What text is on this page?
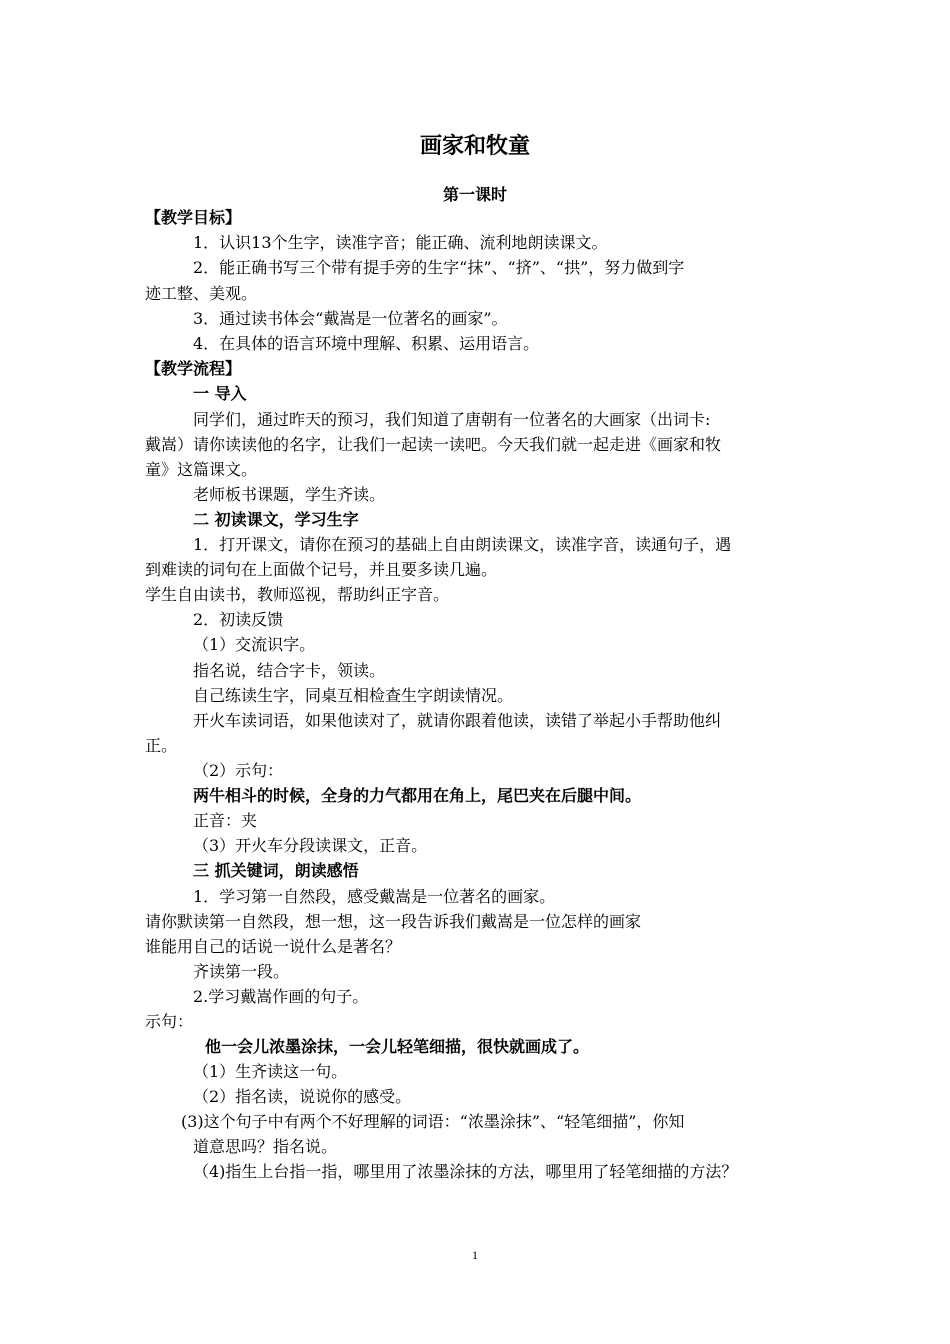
画家和牧童
第一课时
【教学目标】
1．认识13个生字，读准字音；能正确、流利地朗读课文。
2．能正确书写三个带有提手旁的生字“抹”、“挤”、“拱”，努力做到字
迹工整、美观。
3．通过读书体会“戴嵩是一位著名的画家”。
4．在具体的语言环境中理解、积累、运用语言。
【教学流程】
一 导入
同学们，通过昨天的预习，我们知道了唐朝有一位著名的大画家（出词卡:
戴嵩）请你读读他的名字，让我们一起读一读吧。今天我们就一起走进《画家和牧
童》这篇课文。
老师板书课题，学生齐读。
二 初读课文，学习生字
1．打开课文，请你在预习的基础上自由朗读课文，读准字音，读通句子，遇
到难读的词句在上面做个记号，并且要多读几遍。
学生自由读书，教师巡视，帮助纠正字音。
2．初读反馈
（1）交流识字。
指名说，结合字卡，领读。
自己练读生字，同桌互相检查生字朗读情况。
开火车读词语，如果他读对了，就请你跟着他读，读错了举起小手帮助他纠
正。
（2）示句：
两牛相斗的时候，全身的力气都用在角上，尾巴夹在后腿中间。
正音：夹
（3）开火车分段读课文，正音。
三 抓关键词，朗读感悟
1．学习第一自然段，感受戴嵩是一位著名的画家。
请你默读第一自然段，想一想，这一段告诉我们戴嵩是一位怎样的画家
谁能用自己的话说一说什么是著名？
齐读第一段。
2.学习戴嵩作画的句子。
示句：
他一会儿浓墨涂抹，一会儿轻笔细描，很快就画成了。
（1）生齐读这一句。
（2）指名读，说说你的感受。
(3)这个句子中有两个不好理解的词语：“浓墨涂抹”、“轻笔细描”，你知
道意思吗？指名说。
（4)指生上台指一指，哪里用了浓墨涂抹的方法，哪里用了轻笔细描的方法？
1
